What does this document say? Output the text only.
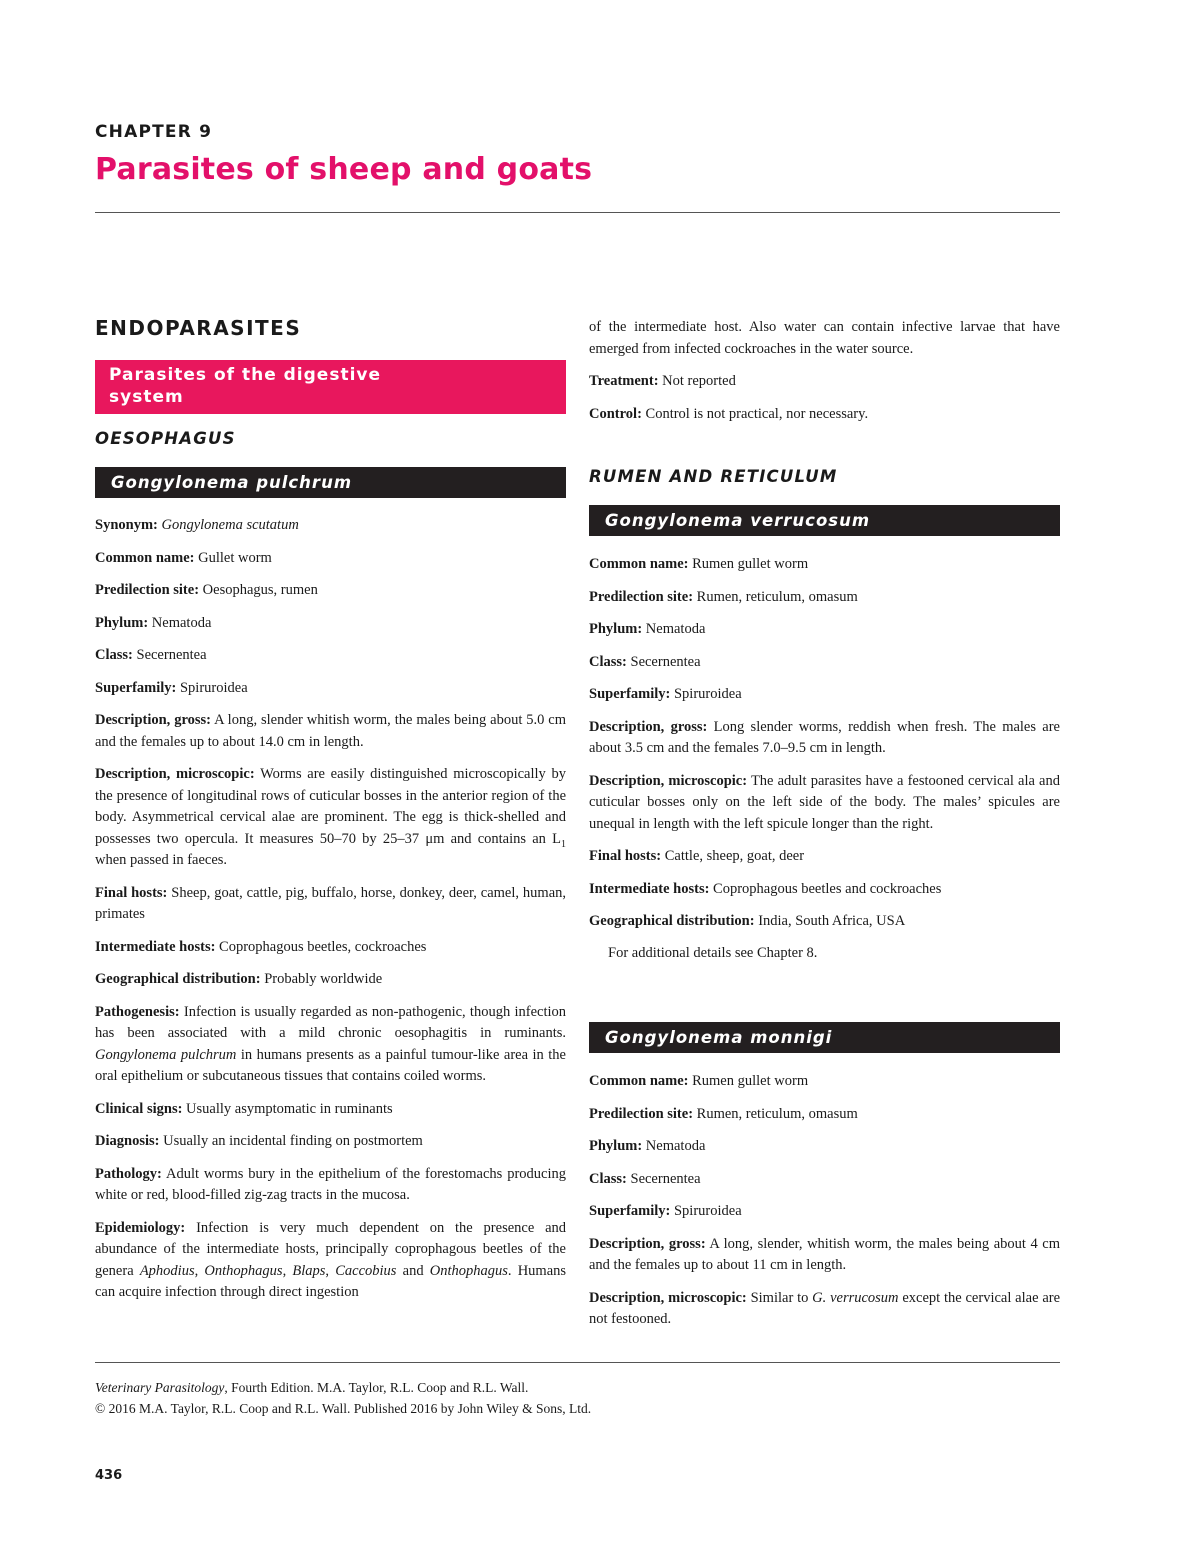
CHAPTER 9
Parasites of sheep and goats
ENDOPARASITES
Parasites of the digestive
system
OESOPHAGUS
Gongylonema pulchrum

Synonym: Gongylonema scutatum

Common name: Gullet worm

Predilection site: Oesophagus, rumen

Phylum: Nematoda

Class: Secernentea

Superfamily: Spiruroidea

Description, gross: A long, slender whitish worm, the males being about 5.0 cm and the females up to about 14.0 cm in length.

Description, microscopic: Worms are easily distinguished microscopically by the presence of longitudinal rows of cuticular bosses in the anterior region of the body. Asymmetrical cervical alae are prominent. The egg is thick-shelled and possesses two opercula. It measures 50–70 by 25–37 μm and contains an $L_1$ when passed in faeces.

Final hosts: Sheep, goat, cattle, pig, buffalo, horse, donkey, deer, camel, human, primates

Intermediate hosts: Coprophagous beetles, cockroaches

Geographical distribution: Probably worldwide

Pathogenesis: Infection is usually regarded as non-pathogenic, though infection has been associated with a mild chronic oesophagitis in ruminants. Gongylonema pulchrum in humans presents as a painful tumour-like area in the oral epithelium or subcutaneous tissues that contains coiled worms.

Clinical signs: Usually asymptomatic in ruminants

Diagnosis: Usually an incidental finding on postmortem

Pathology: Adult worms bury in the epithelium of the forestomachs producing white or red, blood-filled zig-zag tracts in the mucosa.

Epidemiology: Infection is very much dependent on the presence and abundance of the intermediate hosts, principally coprophagous beetles of the genera Aphodius, Onthophagus, Blaps, Caccobius and Onthophagus. Humans can acquire infection through direct ingestion

of the intermediate host. Also water can contain infective larvae that have emerged from infected cockroaches in the water source.

Treatment: Not reported

Control: Control is not practical, nor necessary.

RUMEN AND RETICULUM
Gongylonema verrucosum

Common name: Rumen gullet worm

Predilection site: Rumen, reticulum, omasum

Phylum: Nematoda

Class: Secernentea

Superfamily: Spiruroidea

Description, gross: Long slender worms, reddish when fresh. The males are about 3.5 cm and the females 7.0–9.5 cm in length.

Description, microscopic: The adult parasites have a festooned cervical ala and cuticular bosses only on the left side of the body. The males’ spicules are unequal in length with the left spicule longer than the right.

Final hosts: Cattle, sheep, goat, deer

Intermediate hosts: Coprophagous beetles and cockroaches

Geographical distribution: India, South Africa, USA

For additional details see Chapter 8.

Gongylonema monnigi

Common name: Rumen gullet worm

Predilection site: Rumen, reticulum, omasum

Phylum: Nematoda

Class: Secernentea

Superfamily: Spiruroidea

Description, gross: A long, slender, whitish worm, the males being about 4 cm and the females up to about 11 cm in length.

Description, microscopic: Similar to G. verrucosum except the cervical alae are not festooned.

Veterinary Parasitology, Fourth Edition. M.A. Taylor, R.L. Coop and R.L. Wall.
© 2016 M.A. Taylor, R.L. Coop and R.L. Wall. Published 2016 by John Wiley & Sons, Ltd.
436
